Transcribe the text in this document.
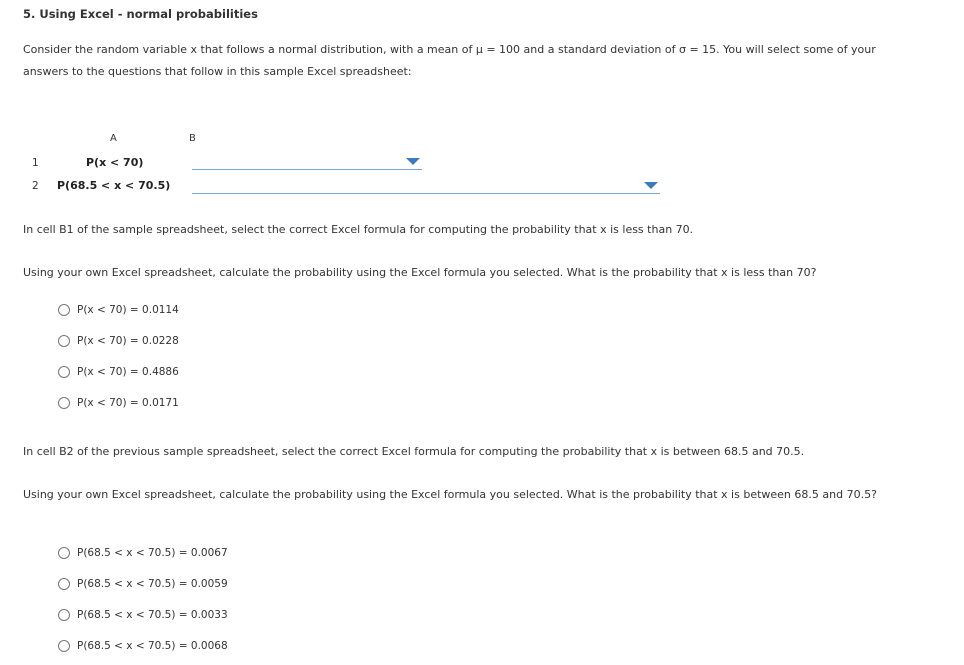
5. Using Excel - normal probabilities
Consider the random variable x that follows a normal distribution, with a mean of μ = 100 and a standard deviation of σ = 15. You will select some of your answers to the questions that follow in this sample Excel spreadsheet:
A	B
1	P(x < 70)
2 P(68.5 < x < 70.5)
In cell B1 of the sample spreadsheet, select the correct Excel formula for computing the probability that x is less than 70.
Using your own Excel spreadsheet, calculate the probability using the Excel formula you selected. What is the probability that x is less than 70?
P(x < 70) = 0.0114
P(x < 70) = 0.0228
P(x < 70) = 0.4886
P(x < 70) = 0.0171
In cell B2 of the previous sample spreadsheet, select the correct Excel formula for computing the probability that x is between 68.5 and 70.5.
Using your own Excel spreadsheet, calculate the probability using the Excel formula you selected. What is the probability that x is between 68.5 and 70.5?
P(68.5 < x < 70.5) = 0.0067
P(68.5 < x < 70.5) = 0.0059
P(68.5 < x < 70.5) = 0.0033
P(68.5 < x < 70.5) = 0.0068
